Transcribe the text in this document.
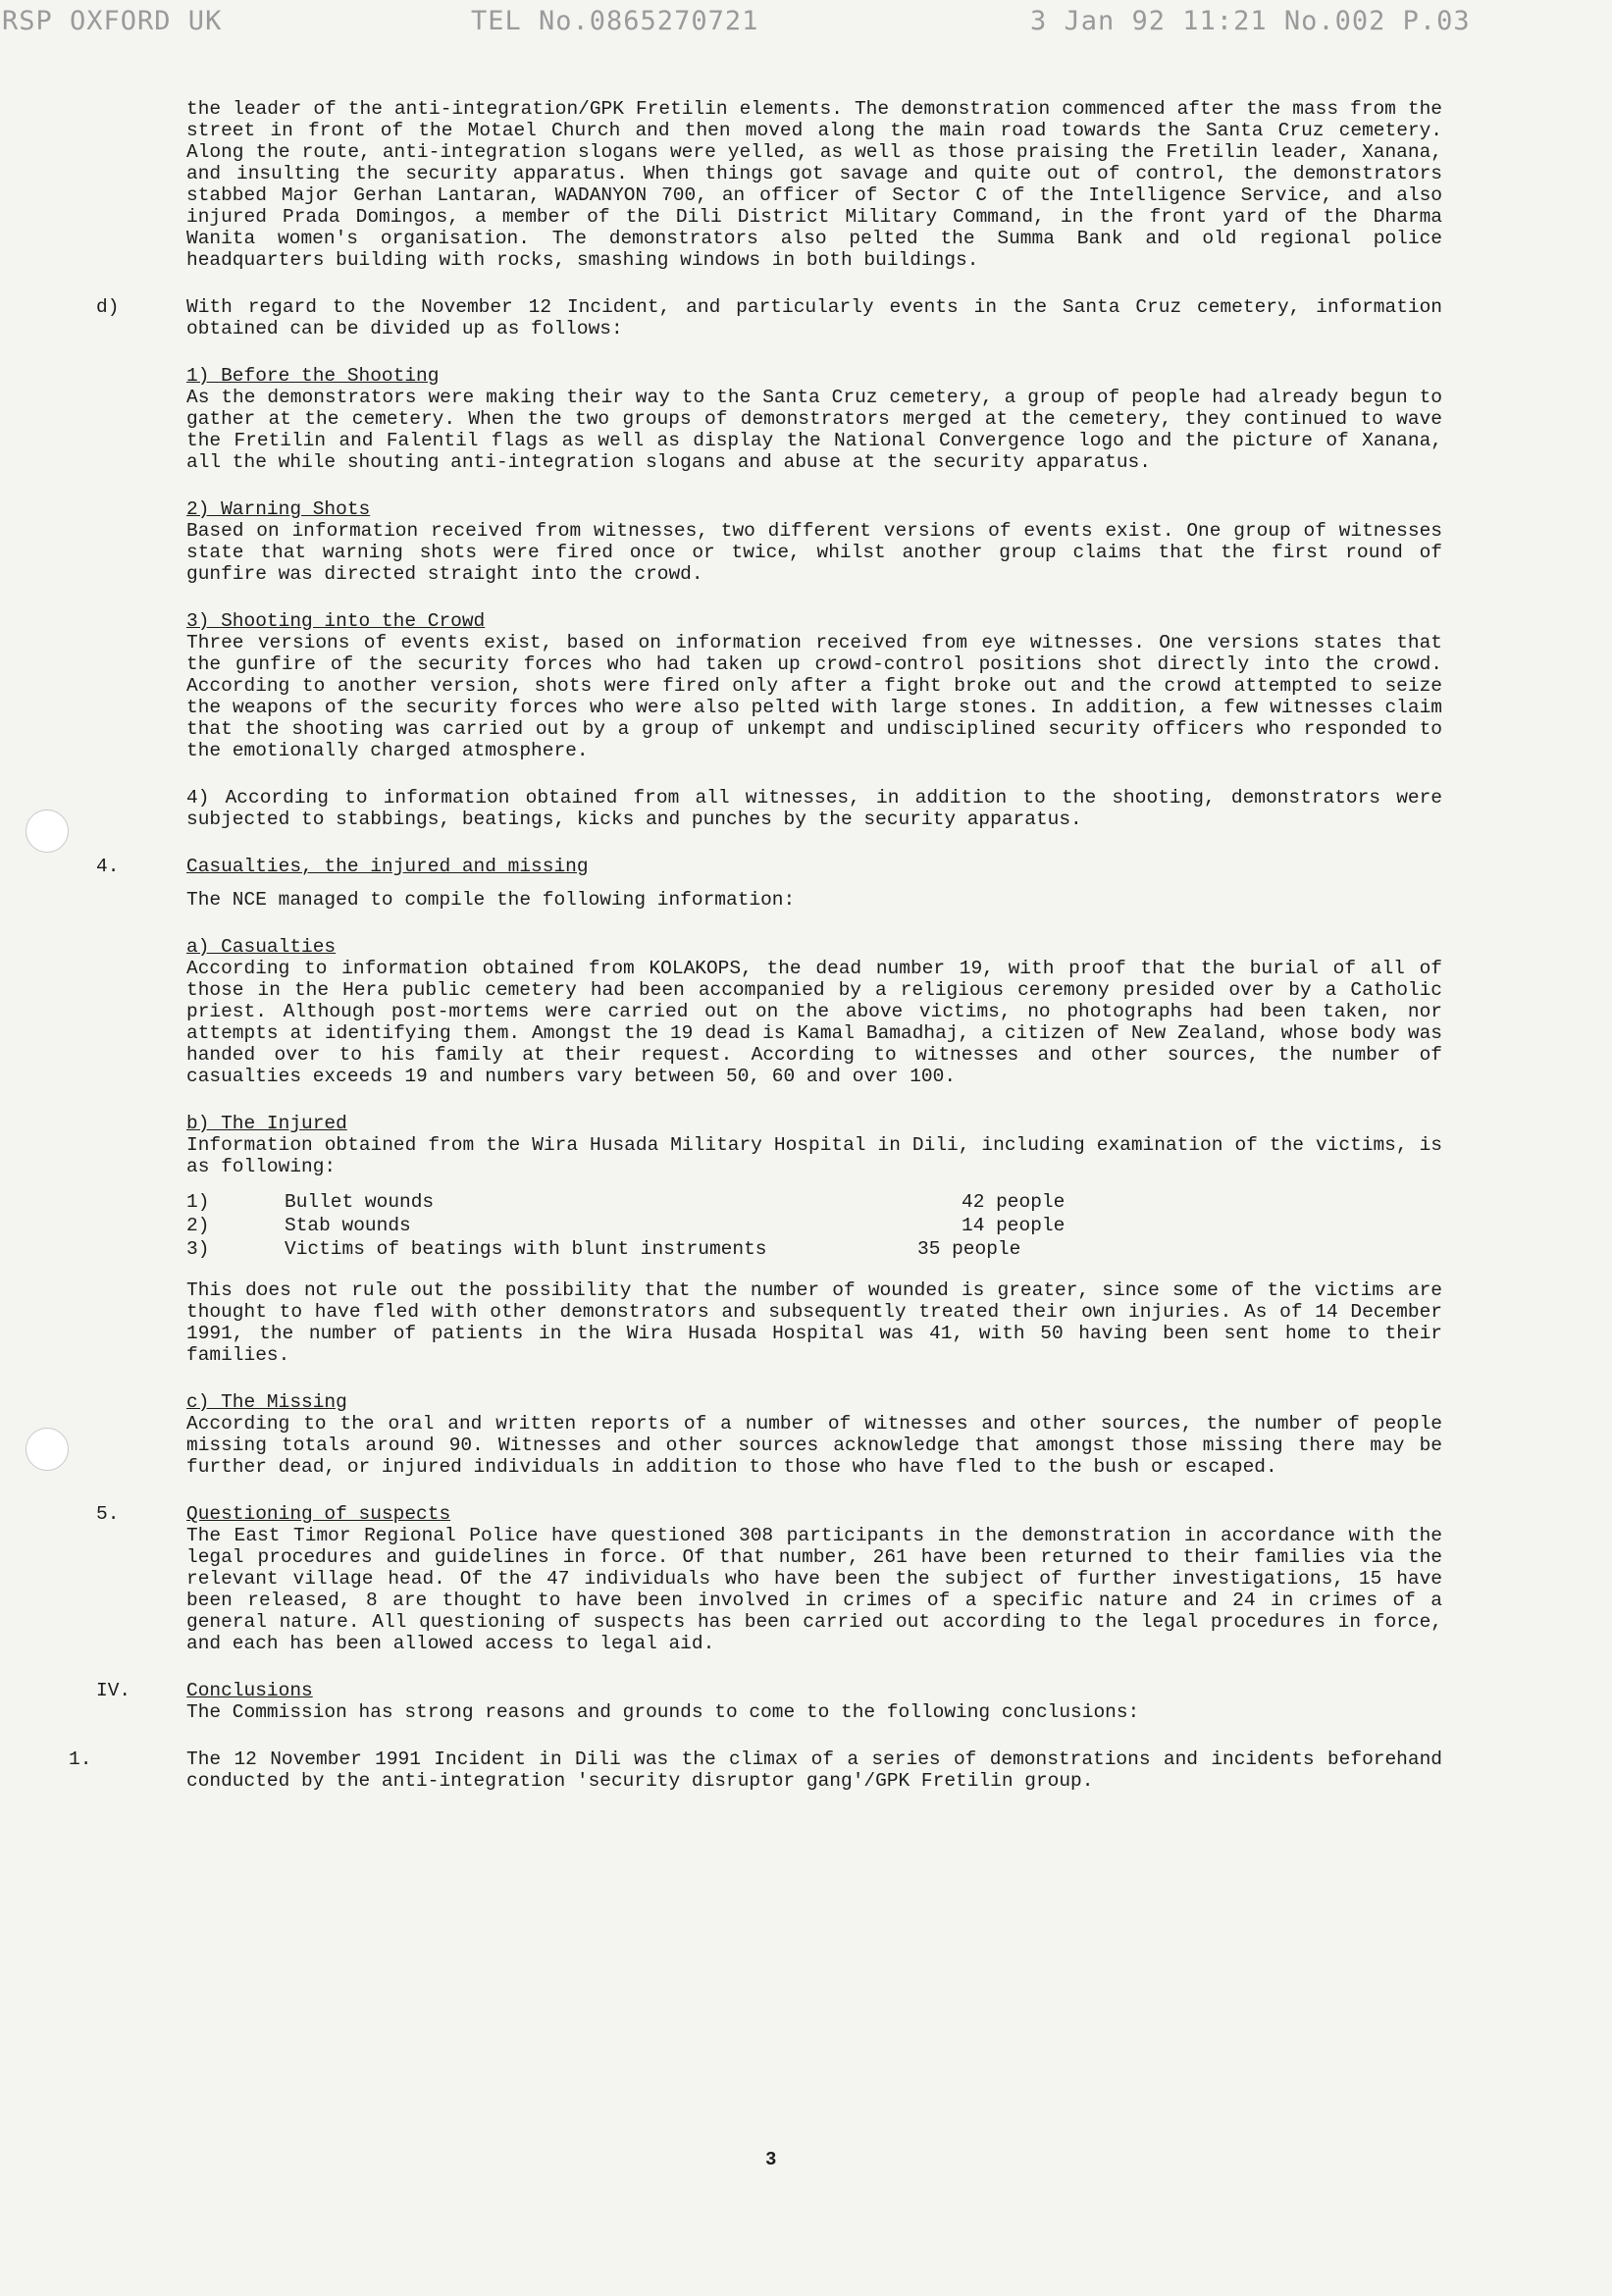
RSP OXFORD UK	TEL No.0865270721	3 Jan 92 11:21 No.002 P.03

the leader of the anti-integration/GPK Fretilin elements. The demonstration commenced after the mass from the street in front of the Motael Church and then moved along the main road towards the Santa Cruz cemetery. Along the route, anti-integration slogans were yelled, as well as those praising the Fretilin leader, Xanana, and insulting the security apparatus. When things got savage and quite out of control, the demonstrators stabbed Major Gerhan Lantaran, WADANYON 700, an officer of Sector C of the Intelligence Service, and also injured Prada Domingos, a member of the Dili District Military Command, in the front yard of the Dharma Wanita women's organisation. The demonstrators also pelted the Summa Bank and old regional police headquarters building with rocks, smashing windows in both buildings.

d)	With regard to the November 12 Incident, and particularly events in the Santa Cruz cemetery, information obtained can be divided up as follows:

1) Before the Shooting

As the demonstrators were making their way to the Santa Cruz cemetery, a group of people had already begun to gather at the cemetery. When the two groups of demonstrators merged at the cemetery, they continued to wave the Fretilin and Falentil flags as well as display the National Convergence logo and the picture of Xanana, all the while shouting anti-integration slogans and abuse at the security apparatus.

2) Warning Shots

Based on information received from witnesses, two different versions of events exist. One group of witnesses state that warning shots were fired once or twice, whilst another group claims that the first round of gunfire was directed straight into the crowd.

3) Shooting into the Crowd

Three versions of events exist, based on information received from eye witnesses. One versions states that the gunfire of the security forces who had taken up crowd-control positions shot directly into the crowd. According to another version, shots were fired only after a fight broke out and the crowd attempted to seize the weapons of the security forces who were also pelted with large stones. In addition, a few witnesses claim that the shooting was carried out by a group of unkempt and undisciplined security officers who responded to the emotionally charged atmosphere.

4) According to information obtained from all witnesses, in addition to the shooting, demonstrators were subjected to stabbings, beatings, kicks and punches by the security apparatus.

4.	Casualties, the injured and missing

The NCE managed to compile the following information:

a) Casualties

According to information obtained from KOLAKOPS, the dead number 19, with proof that the burial of all of those in the Hera public cemetery had been accompanied by a religious ceremony presided over by a Catholic priest. Although post-mortems were carried out on the above victims, no photographs had been taken, nor attempts at identifying them. Amongst the 19 dead is Kamal Bamadhaj, a citizen of New Zealand, whose body was handed over to his family at their request. According to witnesses and other sources, the number of casualties exceeds 19 and numbers vary between 50, 60 and over 100.

b) The Injured

Information obtained from the Wira Husada Military Hospital in Dili, including examination of the victims, is as following:

1)	Bullet wounds	42 people
2)	Stab wounds	14 people
3)	Victims of beatings with blunt instruments	35 people

This does not rule out the possibility that the number of wounded is greater, since some of the victims are thought to have fled with other demonstrators and subsequently treated their own injuries. As of 14 December 1991, the number of patients in the Wira Husada Hospital was 41, with 50 having been sent home to their families.

c) The Missing

According to the oral and written reports of a number of witnesses and other sources, the number of people missing totals around 90. Witnesses and other sources acknowledge that amongst those missing there may be further dead, or injured individuals in addition to those who have fled to the bush or escaped.

5.	Questioning of suspects

The East Timor Regional Police have questioned 308 participants in the demonstration in accordance with the legal procedures and guidelines in force. Of that number, 261 have been returned to their families via the relevant village head. Of the 47 individuals who have been the subject of further investigations, 15 have been released, 8 are thought to have been involved in crimes of a specific nature and 24 in crimes of a general nature. All questioning of suspects has been carried out according to the legal procedures in force, and each has been allowed access to legal aid.

IV.	Conclusions

The Commission has strong reasons and grounds to come to the following conclusions:

1.	The 12 November 1991 Incident in Dili was the climax of a series of demonstrations and incidents beforehand conducted by the anti-integration 'security disruptor gang'/GPK Fretilin group.

3
